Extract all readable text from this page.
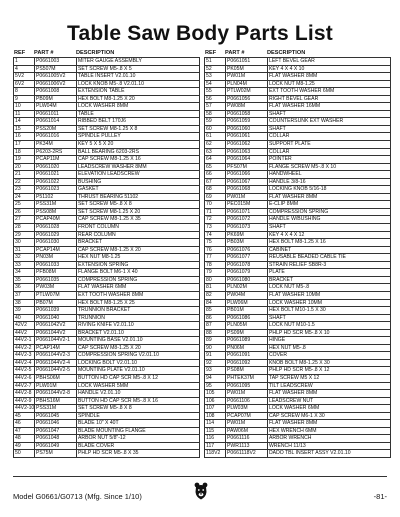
Table Saw Body Parts List
REF	PART #	DESCRIPTION
1	P0661003	MITER GAUGE ASSEMBLY
4	PS507M	SET SCREW M5-.8 X 5
5V2	P0661005V2	TABLE INSERT V2.01.10
6V2	P0661006V2	LOCK KNOB M5-.8 V2.01.10
8	P0661008	EXTENSION TABLE
9	PB09M	HEX BOLT M8-1.25 X 20
10	PLW04M	LOCK WASHER 8MM
11	P0661011	TABLE
14	P0661014	RIBBED BELT 170J6
15	PSS20M	SET SCREW M8-1.25 X 8
16	P0661016	SPINDLE PULLEY
17	PK34M	KEY 5 X 5 X 20
18	P6203-2RS	BALL BEARING 6203-2RS
19	PCAP11M	CAP SCREW M8-1.25 X 16
20	P0661020	LEADSCREW WASHER 8MM
21	P0661021	ELEVATION LEADSCREW
22	P0661022	BUSHING
23	P0661023	GASKET
24	P51102	THRUST BEARING 51102
25	PSS31M	SET SCREW M5-.8 X 8
26	PSS08M	SET SCREW M8-1.25 X 20
27	PCAP40M	CAP SCREW M8-1.25 X 35
28	P0661028	FRONT COLUMN
29	P0661029	REAR COLUMN
30	P0661030	BRACKET
31	PCAP14M	CAP SCREW M8-1.25 X 20
32	PN03M	HEX NUT M8-1.25
33	P0661033	EXTENSION SPRING
34	PFB08M	FLANGE BOLT M6-1 X 40
35	P0661035	COMPRESSION SPRING
36	PW03M	FLAT WASHER 6MM
37	PTLW07M	EXT TOOTH WASHER 8MM
38	PB07M	HEX BOLT M8-1.25 X 25
39	P0661039	TRUNNION BRACKET
40	P0661040	TRUNNION
42V2	P0661042V2	RIVING KNIFE V2.01.10
44V2	P0661044V2	BRACKET V2.01.10
44V2-1 P0661044V2-1	MOUNTING BASE V2.01.10
44V2-2 PCAP14M	CAP SCREW M8-1.25 X 20
44V2-3 P0661044V2-3	COMPRESSION SPRING V2.01.10
44V2-4 P0661044V2-4	LOCKING BOLT V2.01.10
44V2-5 P0661044V2-5	MOUNTING PLATE V2.01.10
44V2-6 PBHS06M	BUTTON HD CAP SCR M5-.8 X 12
44V2-7 PLW01M	LOCK WASHER 5MM
44V2-8 P0661044V2-8	HANDLE V2.01.10
44V2-9 PBHS16M	BUTTON HD CAP SCR M5-.8 X 16
44V2-10 PSS31M	SET SCREW M5-.8 X 8
45	P0661045	SPINDLE
46	P0661046	BLADE 10" X 40T
47	P0661047	BLADE MOUNTING FLANGE
48	P0661048	ARBOR NUT 5/8"-12
49	P0661049	BLADE COVER
50	PS75M	PHLP HD SCR M5-.8 X 35
REF	PART #	DESCRIPTION
51	P0661051	LEFT BEVEL GEAR
52	PK05M	KEY 4 X 4 X 10
53	PW01M	FLAT WASHER 8MM
54	PLN04M	LOCK NUT M8-1.25
55	PTLW02M	EXT TOOTH WASHER 6MM
56	P0661056	RIGHT BEVEL GEAR
57	PW08M	FLAT WASHER 16MM
58	P0661058	SHAFT
59	P0661059	COUNTERSUNK EXT WASHER
60	P0661060	SHAFT
61	P0661061	COLLAR
62	P0661062	SUPPORT PLATE
63	P0661063	COLLAR
64	P0661064	POINTER
65	PFS07M	FLANGE SCREW M5-.8 X 10
66	P0661066	HANDWHEEL
67	P0661067	HANDLE 3/8-16
68	P0661068	LOCKING KNOB 5/16-18
69	PW01M	FLAT WASHER 8MM
70	PEC015M	E-CLIP 8MM
71	P0661071	COMPRESSION SPRING
72	P0661072	HANDLE W/BUSHING
73	P0661073	SHAFT
74	PK69M	KEY 4 X 4 X 12
75	PB03M	HEX BOLT M8-1.25 X 16
76	P0661076	CABINET
77	P0661077	REUSABLE BEADED CABLE TIE
78	P0661078	STRAIN RELIEF SB8R-3
79	P0661079	PLATE
80	P0661080	BRACKET
81	PLN02M	LOCK NUT M5-.8
82	PW04M	FLAT WASHER 10MM
84	PLW06M	LOCK WASHER 10MM
85	PB01M	HEX BOLT M10-1.5 X 30
86	P0661086	SHAFT
87	PLN05M	LOCK NUT M10-1.5
88	PS09M	PHLP HD SCR M5-.8 X 10
89	P0661089	HINGE
90	PN06M	HEX NUT M5-.8
91	P0661091	COVER
92	P0661092	KNOB BOLT M8-1.25 X 30
93	PS08M	PHLP HD SCR M5-.8 X 12
94	PHTEK37M	TAP SCREW M5 X 12
95	P0661095	TILT LEADSCREW
105	PW01M	FLAT WASHER 8MM
106	P0661106	LEADSCREW NUT
107	PLW03M	LOCK WASHER 6MM
108	PCAP07M	CAP SCREW M6-1 X 30
114	PW01M	FLAT WASHER 8MM
115	PAW06M	HEX WRENCH 6MM
116	P0661116	ARBOR WRENCH
117	PWR1113	WRENCH 11/13
118V2	P0661118V2	DADO TBL INSERT ASSY V2.01.10
Model G0661/G0713 (Mfg. Since 1/10)	-81-
